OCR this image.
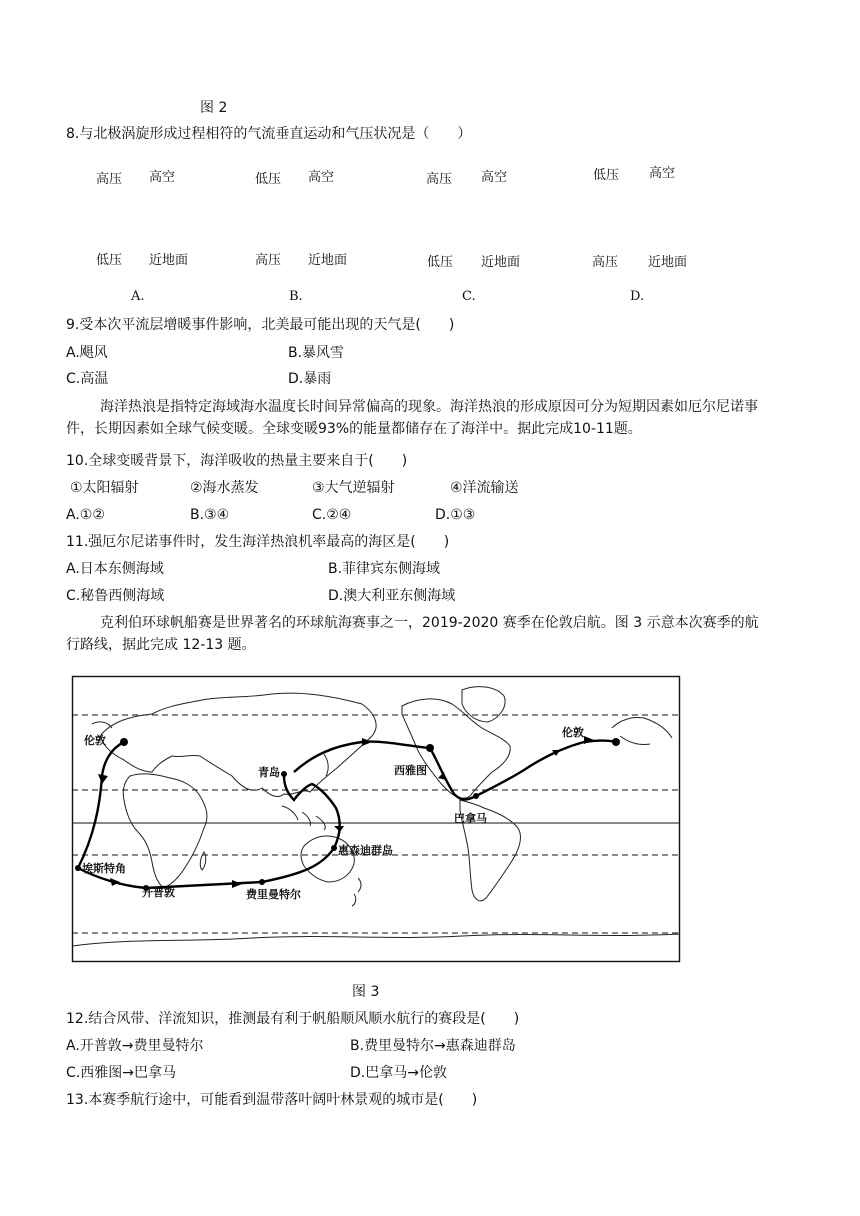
图 2
8.与北极涡旋形成过程相符的气流垂直运动和气压状况是（　　）
高压 高空
低压 近地面
A.
低压 高空
高压 近地面
B.
高压 高空
低压 近地面
C.
低压 高空
高压 近地面
D.
9.受本次平流层增暖事件影响，北美最可能出现的天气是(　　)
A.飓风	B.暴风雪
C.高温	D.暴雨
海洋热浪是指特定海域海水温度长时间异常偏高的现象。海洋热浪的形成原因可分为短期因素如厄尔尼诺事件，长期因素如全球气候变暖。全球变暖93%的能量都储存在了海洋中。据此完成10-11题。
10.全球变暖背景下，海洋吸收的热量主要来自于(　　)
①太阳辐射	②海水蒸发	③大气逆辐射	④洋流输送
A.①②	B.③④	C.②④	D.①③
11.强厄尔尼诺事件时，发生海洋热浪机率最高的海区是(　　)
A.日本东侧海域	B.菲律宾东侧海域
C.秘鲁西侧海域	D.澳大利亚东侧海域
克利伯环球帆船赛是世界著名的环球航海赛事之一，2019-2020 赛季在伦敦启航。图 3 示意本次赛季的航行路线，据此完成 12-13 题。
伦敦
青岛	西雅图
伦敦
巴拿马
惠森迪群岛
埃斯特角
开普敦	费里曼特尔
图 3
12.结合风带、洋流知识，推测最有利于帆船顺风顺水航行的赛段是(　　)
A.开普敦→费里曼特尔	B.费里曼特尔→惠森迪群岛
C.西雅图→巴拿马	D.巴拿马→伦敦
13.本赛季航行途中，可能看到温带落叶阔叶林景观的城市是(　　)
